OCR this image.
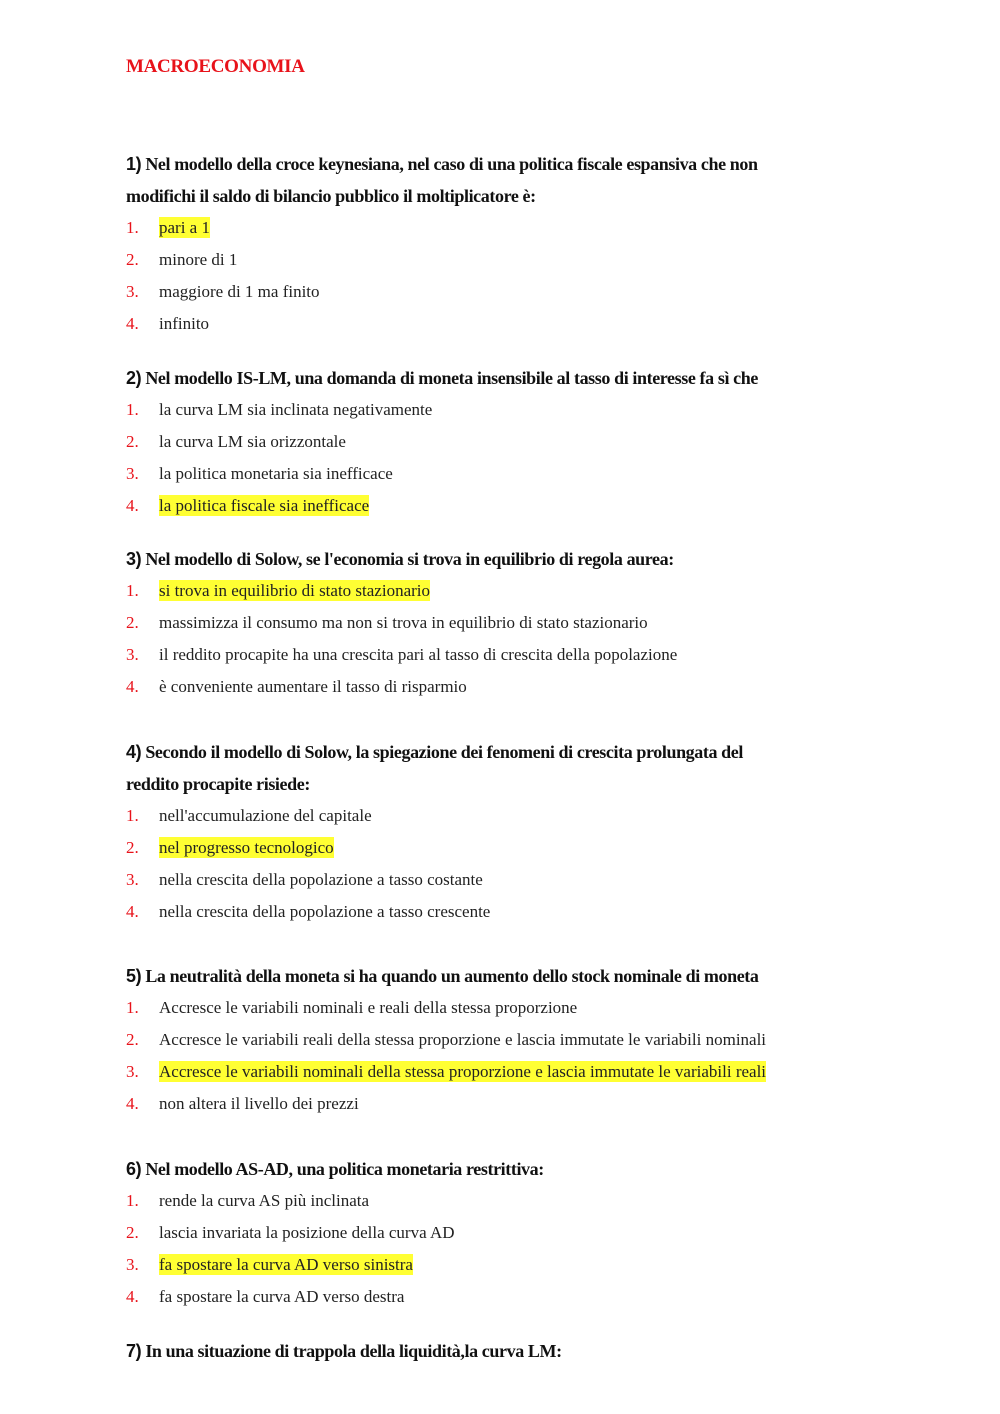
MACROECONOMIA

1) Nel modello della croce keynesiana, nel caso di una politica fiscale espansiva che non modifichi il saldo di bilancio pubblico il moltiplicatore è:

1. pari a 1
2. minore di 1
3. maggiore di 1 ma finito
4. infinito

2) Nel modello IS-LM, una domanda di moneta insensibile al tasso di interesse fa sì che

1. la curva LM sia inclinata negativamente
2. la curva LM sia orizzontale
3. la politica monetaria sia inefficace
4. la politica fiscale sia inefficace

3) Nel modello di Solow, se l'economia si trova in equilibrio di regola aurea:

1. si trova in equilibrio di stato stazionario
2. massimizza il consumo ma non si trova in equilibrio di stato stazionario
3. il reddito procapite ha una crescita pari al tasso di crescita della popolazione
4. è conveniente aumentare il tasso di risparmio

4) Secondo il modello di Solow, la spiegazione dei fenomeni di crescita prolungata del reddito procapite risiede:

1. nell'accumulazione del capitale
2. nel progresso tecnologico
3. nella crescita della popolazione a tasso costante
4. nella crescita della popolazione a tasso crescente

5) La neutralità della moneta si ha quando un aumento dello stock nominale di moneta

1. Accresce le variabili nominali e reali della stessa proporzione
2. Accresce le variabili reali della stessa proporzione e lascia immutate le variabili nominali
3. Accresce le variabili nominali della stessa proporzione e lascia immutate le variabili reali
4. non altera il livello dei prezzi

6) Nel modello AS-AD, una politica monetaria restrittiva:

1. rende la curva AS più inclinata
2. lascia invariata la posizione della curva AD
3. fa spostare la curva AD verso sinistra
4. fa spostare la curva AD verso destra

7) In una situazione di trappola della liquidità,la curva LM:
